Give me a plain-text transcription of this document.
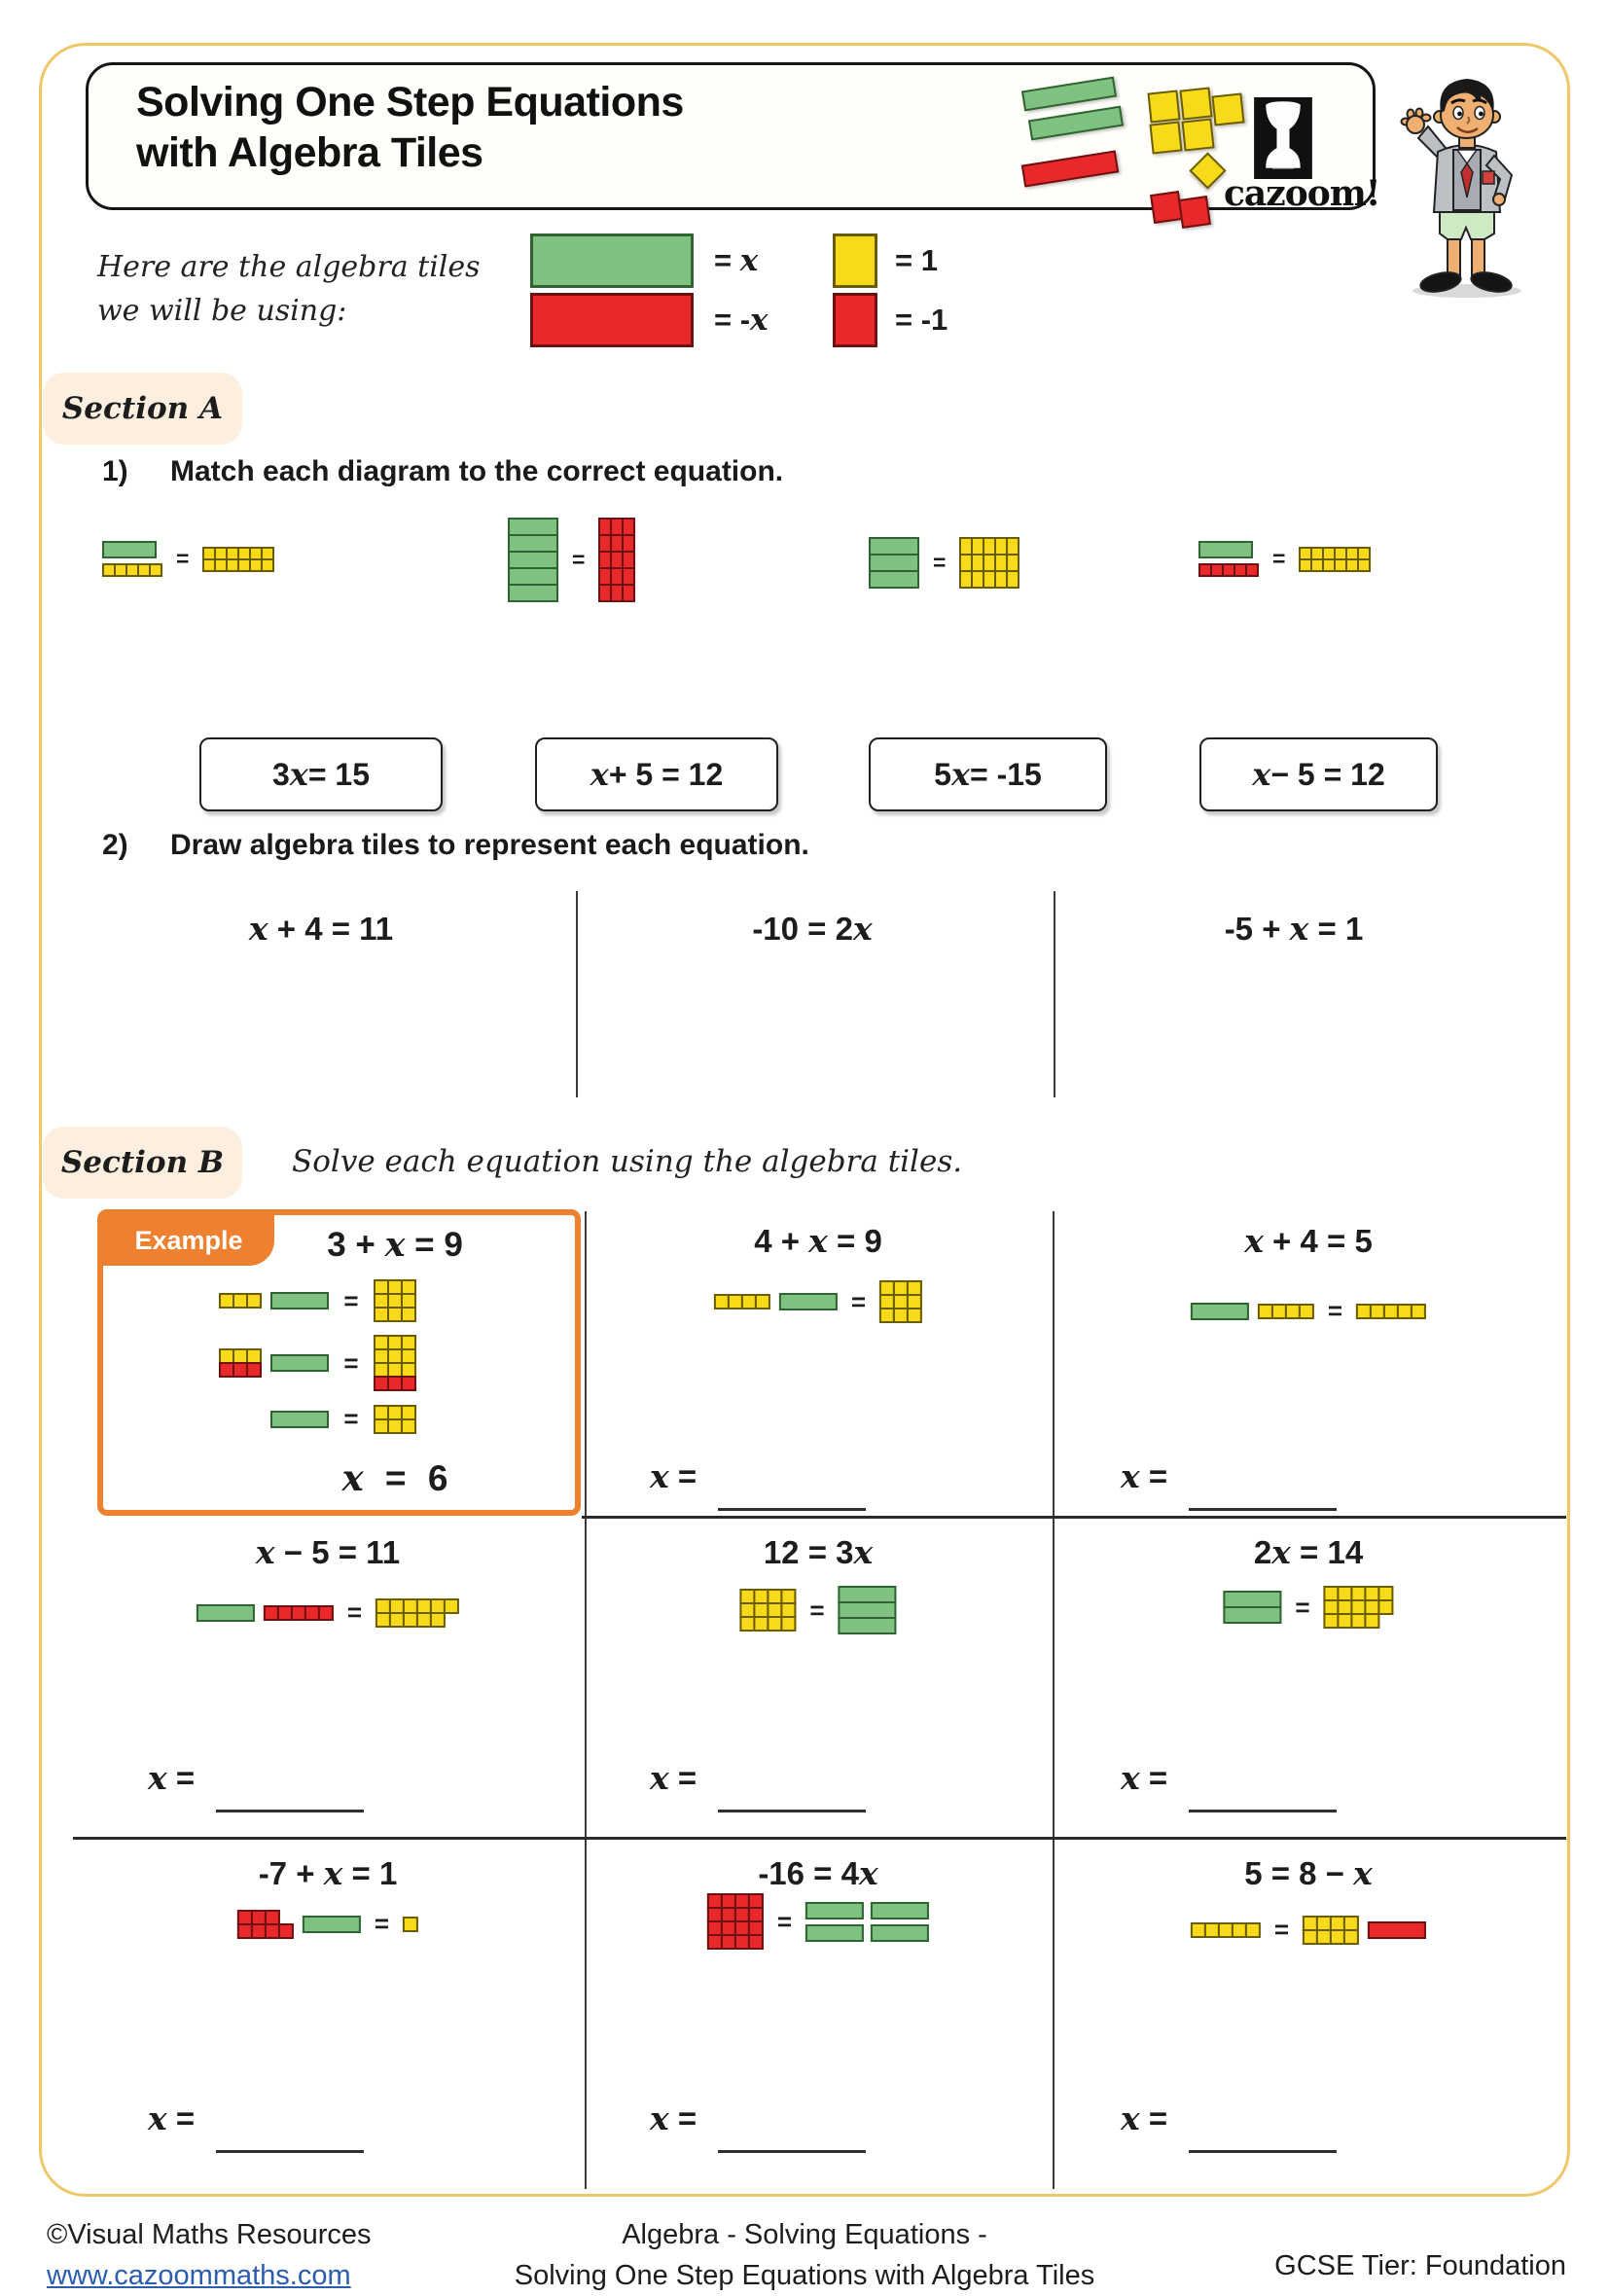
Solving One Step Equations
with Algebra Tiles
cazoom!
Here are the algebra tiles
we will be using:
= x	= 1
= -x	= -1
Section A
1) Match each diagram to the correct equation.
=	=	=	=
3 x = 15	x + 5 = 12	5 x = -15	x − 5 = 12
2) Draw algebra tiles to represent each equation.
x + 4 = 11	-10 = 2x	-5 + x = 1
Section B	Solve each equation using the algebra tiles.
Example	3 + x = 9
=
=
=
x = 6
4 + x = 9
=
x =
x + 4 = 5
=
x =
x − 5 = 11
=
x =
12 = 3x
=
x =
2x = 14
=
x =
-7 + x = 1
=
x =
-16 = 4x
=
x =
5 = 8 − x
=
x =
©Visual Maths Resources
www.cazoommaths.com
Algebra - Solving Equations -
Solving One Step Equations with Algebra Tiles	GCSE Tier: Foundation
